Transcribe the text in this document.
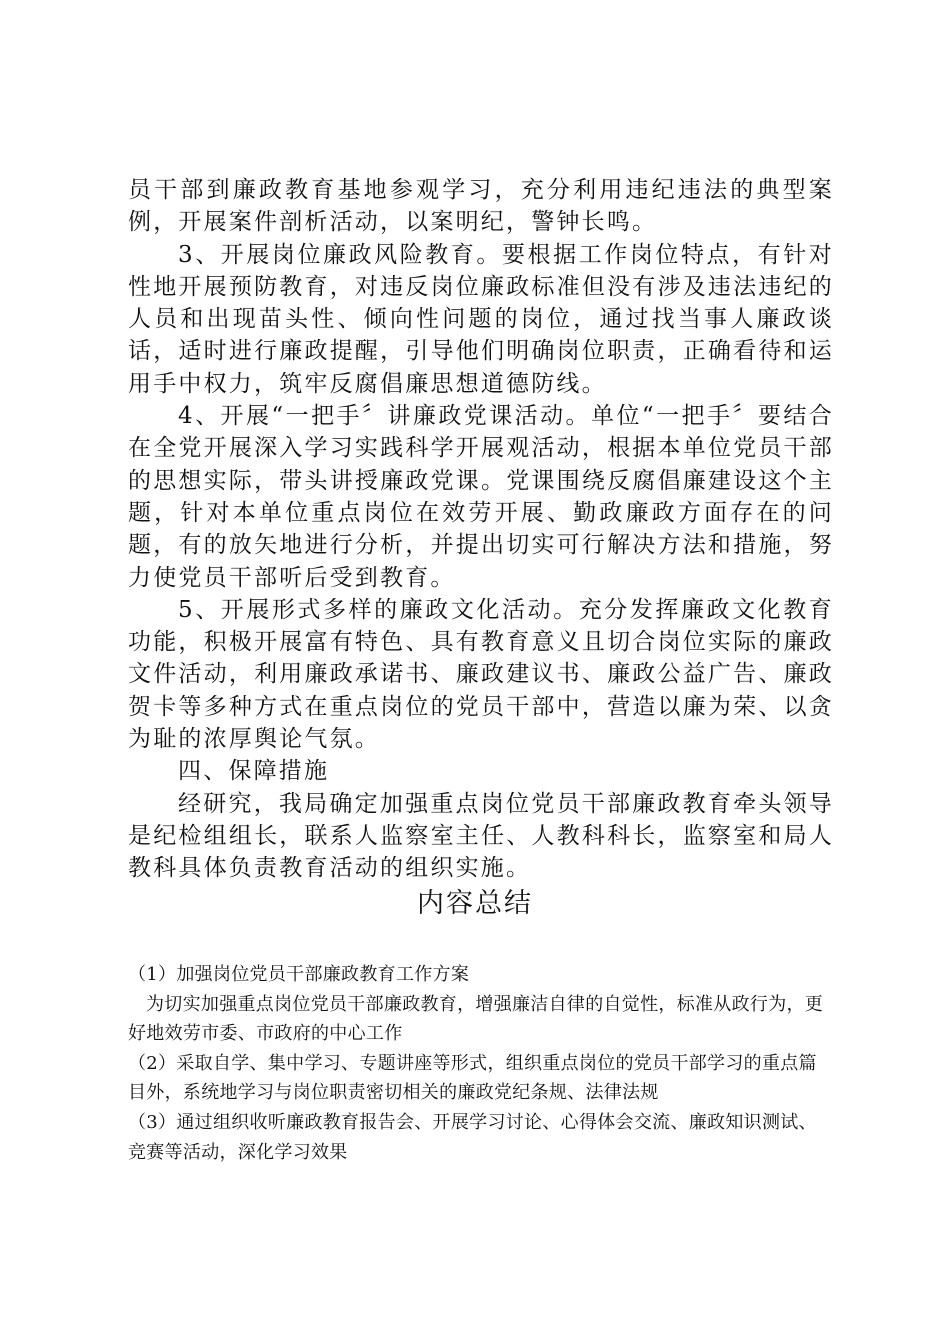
员干部到廉政教育基地参观学习，充分利用违纪违法的典型案例，开展案件剖析活动，以案明纪，警钟长鸣。

3、开展岗位廉政风险教育。要根据工作岗位特点，有针对性地开展预防教育，对违反岗位廉政标准但没有涉及违法违纪的人员和出现苗头性、倾向性问题的岗位，通过找当事人廉政谈话，适时进行廉政提醒，引导他们明确岗位职责，正确看待和运用手中权力，筑牢反腐倡廉思想道德防线。

4、开展“一把手〞讲廉政党课活动。单位“一把手〞要结合在全党开展深入学习实践科学开展观活动，根据本单位党员干部的思想实际，带头讲授廉政党课。党课围绕反腐倡廉建设这个主题，针对本单位重点岗位在效劳开展、勤政廉政方面存在的问题，有的放矢地进行分析，并提出切实可行解决方法和措施，努力使党员干部听后受到教育。

5、开展形式多样的廉政文化活动。充分发挥廉政文化教育功能，积极开展富有特色、具有教育意义且切合岗位实际的廉政文件活动，利用廉政承诺书、廉政建议书、廉政公益广告、廉政贺卡等多种方式在重点岗位的党员干部中，营造以廉为荣、以贪为耻的浓厚舆论气氛。

四、保障措施

经研究，我局确定加强重点岗位党员干部廉政教育牵头领导是纪检组组长，联系人监察室主任、人教科科长，监察室和局人教科具体负责教育活动的组织实施。

内容总结

（1）加强岗位党员干部廉政教育工作方案

为切实加强重点岗位党员干部廉政教育，增强廉洁自律的自觉性，标准从政行为，更好地效劳市委、市政府的中心工作

（2）采取自学、集中学习、专题讲座等形式，组织重点岗位的党员干部学习的重点篇目外，系统地学习与岗位职责密切相关的廉政党纪条规、法律法规

（3）通过组织收听廉政教育报告会、开展学习讨论、心得体会交流、廉政知识测试、竞赛等活动，深化学习效果
